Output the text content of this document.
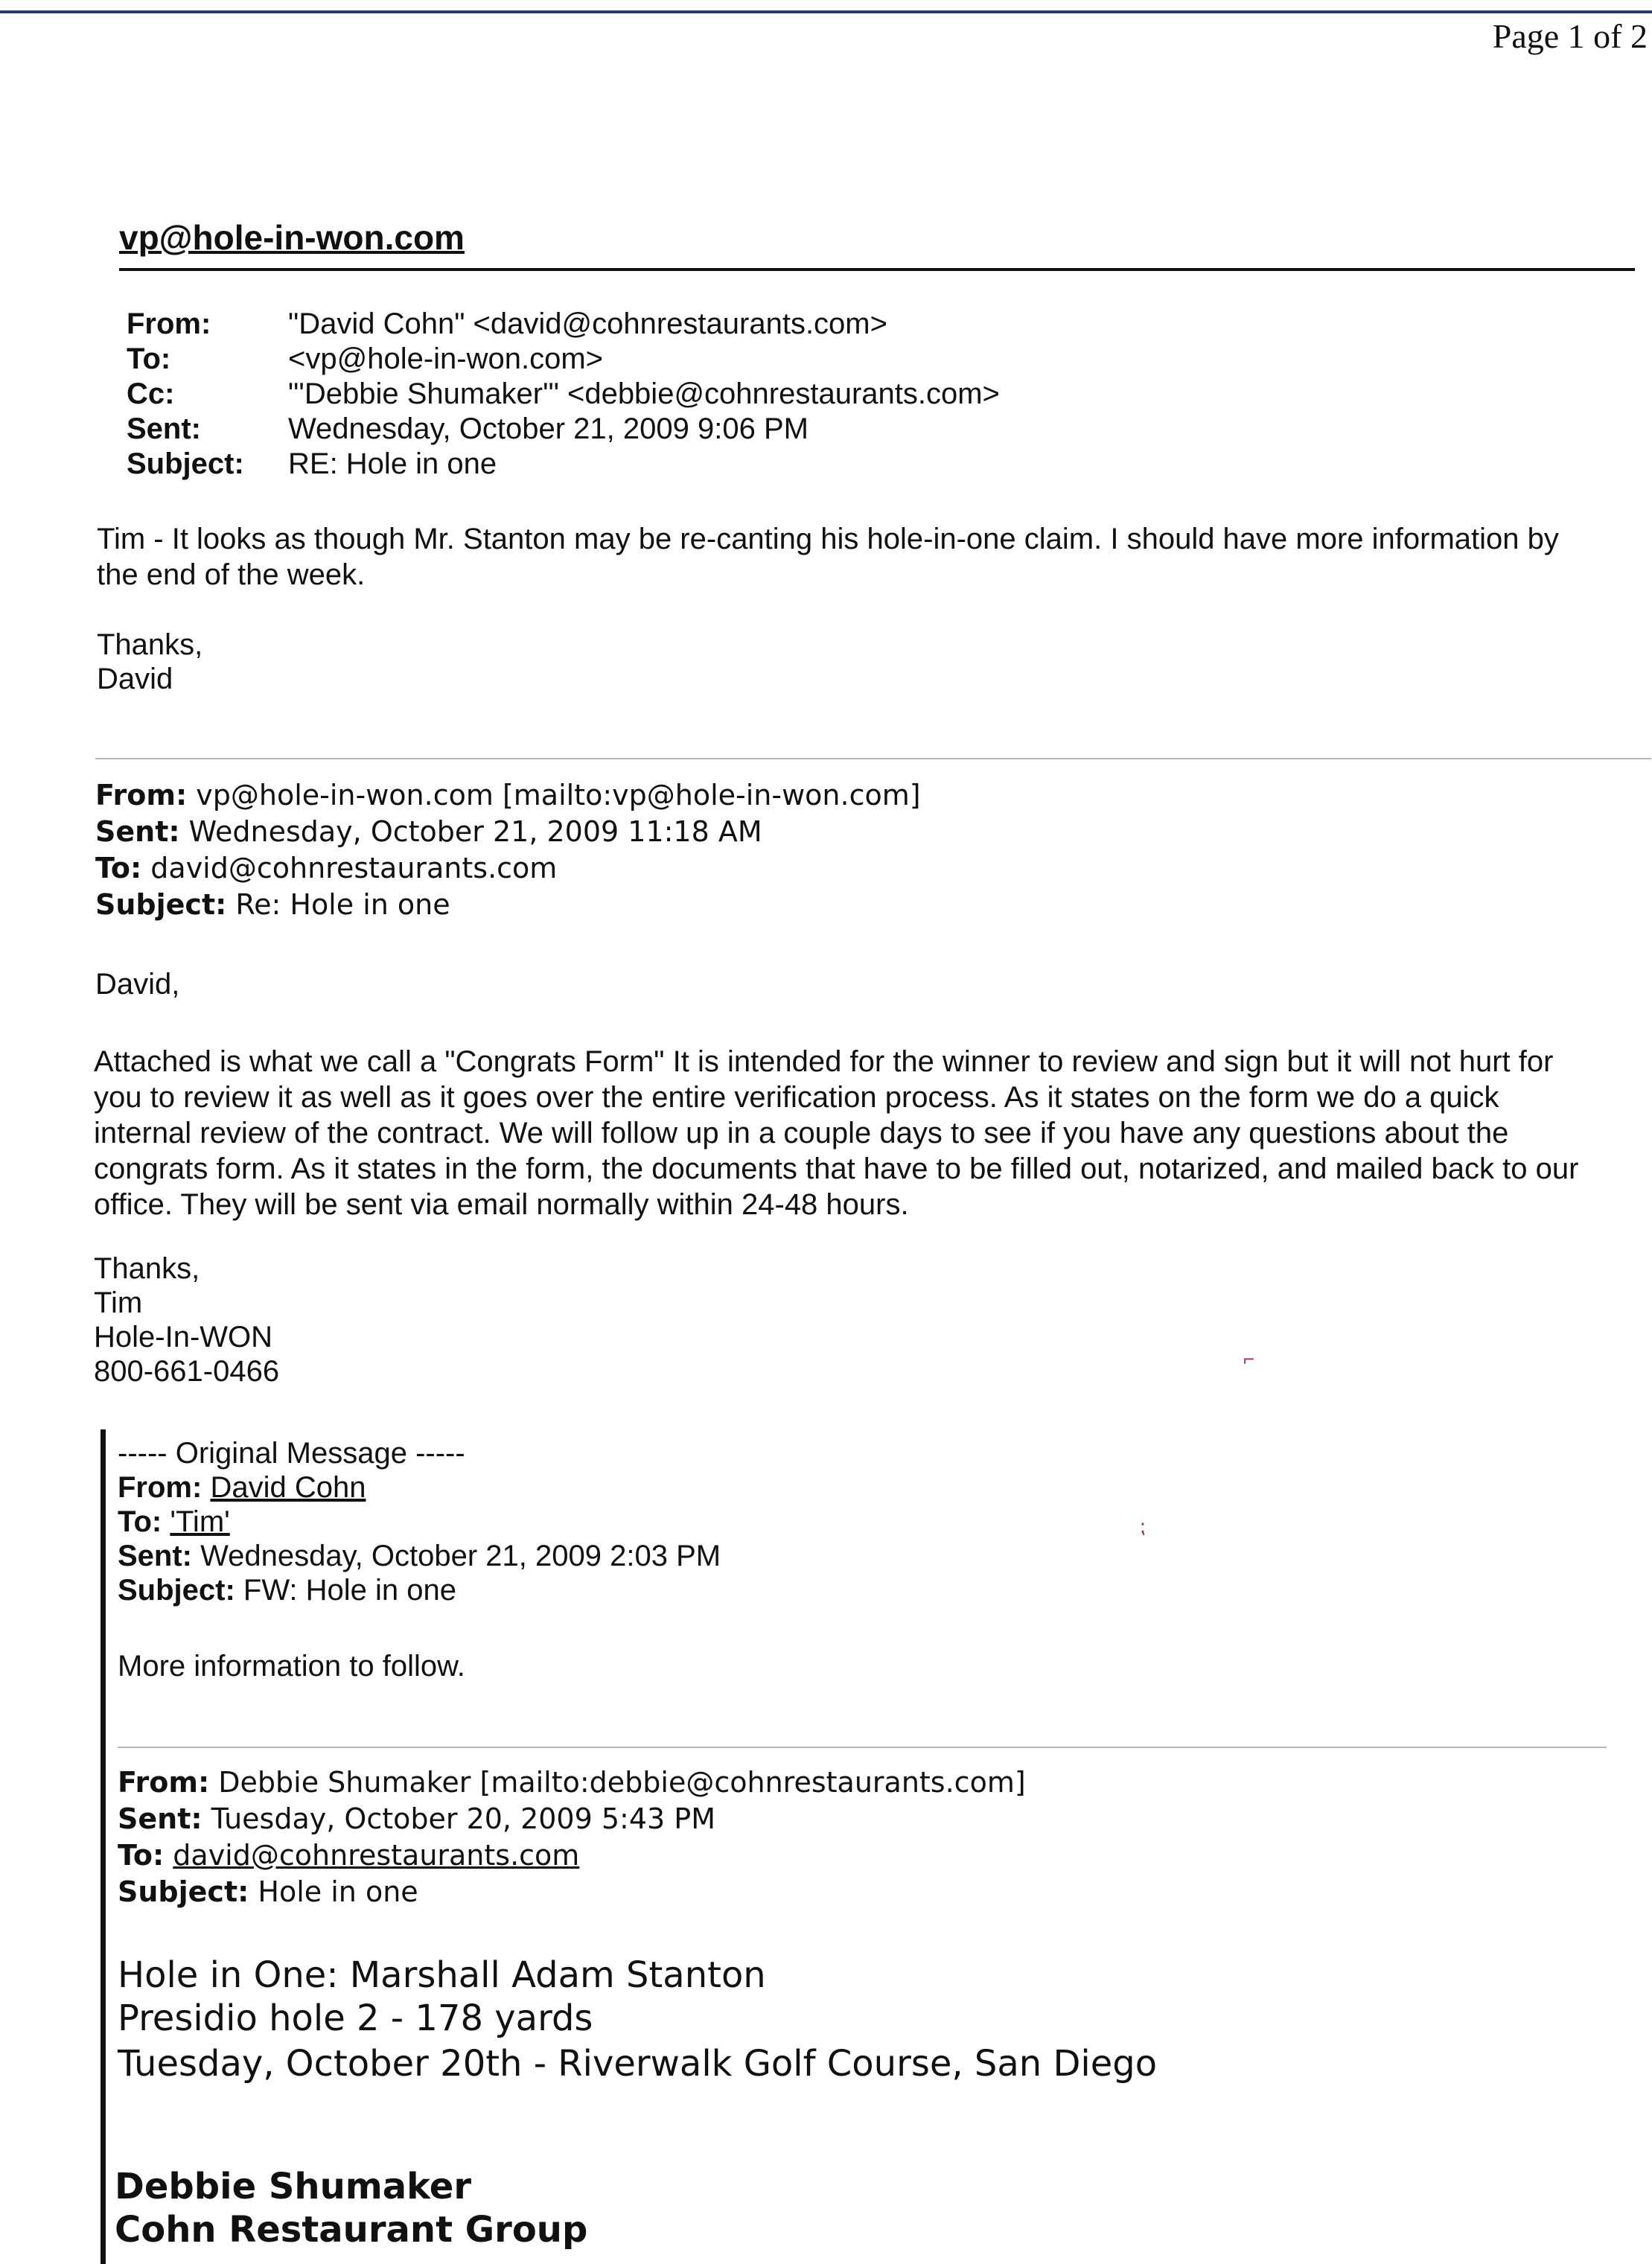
Page 1 of 2
vp@hole-in-won.com
From:	"David Cohn" <david@cohnrestaurants.com>
To:	<vp@hole-in-won.com>
Cc:	"'Debbie Shumaker'" <debbie@cohnrestaurants.com>
Sent:	Wednesday, October 21, 2009 9:06 PM
Subject:	RE: Hole in one
Tim - It looks as though Mr. Stanton may be re-canting his hole-in-one claim. I should have more information by
the end of the week.
Thanks,
David
From: vp@hole-in-won.com [mailto:vp@hole-in-won.com]
Sent: Wednesday, October 21, 2009 11:18 AM
To: david@cohnrestaurants.com
Subject: Re: Hole in one
David,
Attached is what we call a "Congrats Form" It is intended for the winner to review and sign but it will not hurt for
you to review it as well as it goes over the entire verification process. As it states on the form we do a quick
internal review of the contract. We will follow up in a couple days to see if you have any questions about the
congrats form. As it states in the form, the documents that have to be filled out, notarized, and mailed back to our
office. They will be sent via email normally within 24-48 hours.
Thanks,
Tim
Hole-In-WON
800-661-0466
----- Original Message -----
From: David Cohn
To: 'Tim'
Sent: Wednesday, October 21, 2009 2:03 PM
Subject: FW: Hole in one
More information to follow.
From: Debbie Shumaker [mailto:debbie@cohnrestaurants.com]
Sent: Tuesday, October 20, 2009 5:43 PM
To: david@cohnrestaurants.com
Subject: Hole in one
Hole in One: Marshall Adam Stanton
Presidio hole 2 - 178 yards
Tuesday, October 20th - Riverwalk Golf Course, San Diego
Debbie Shumaker
Cohn Restaurant Group
⌐
⁏
